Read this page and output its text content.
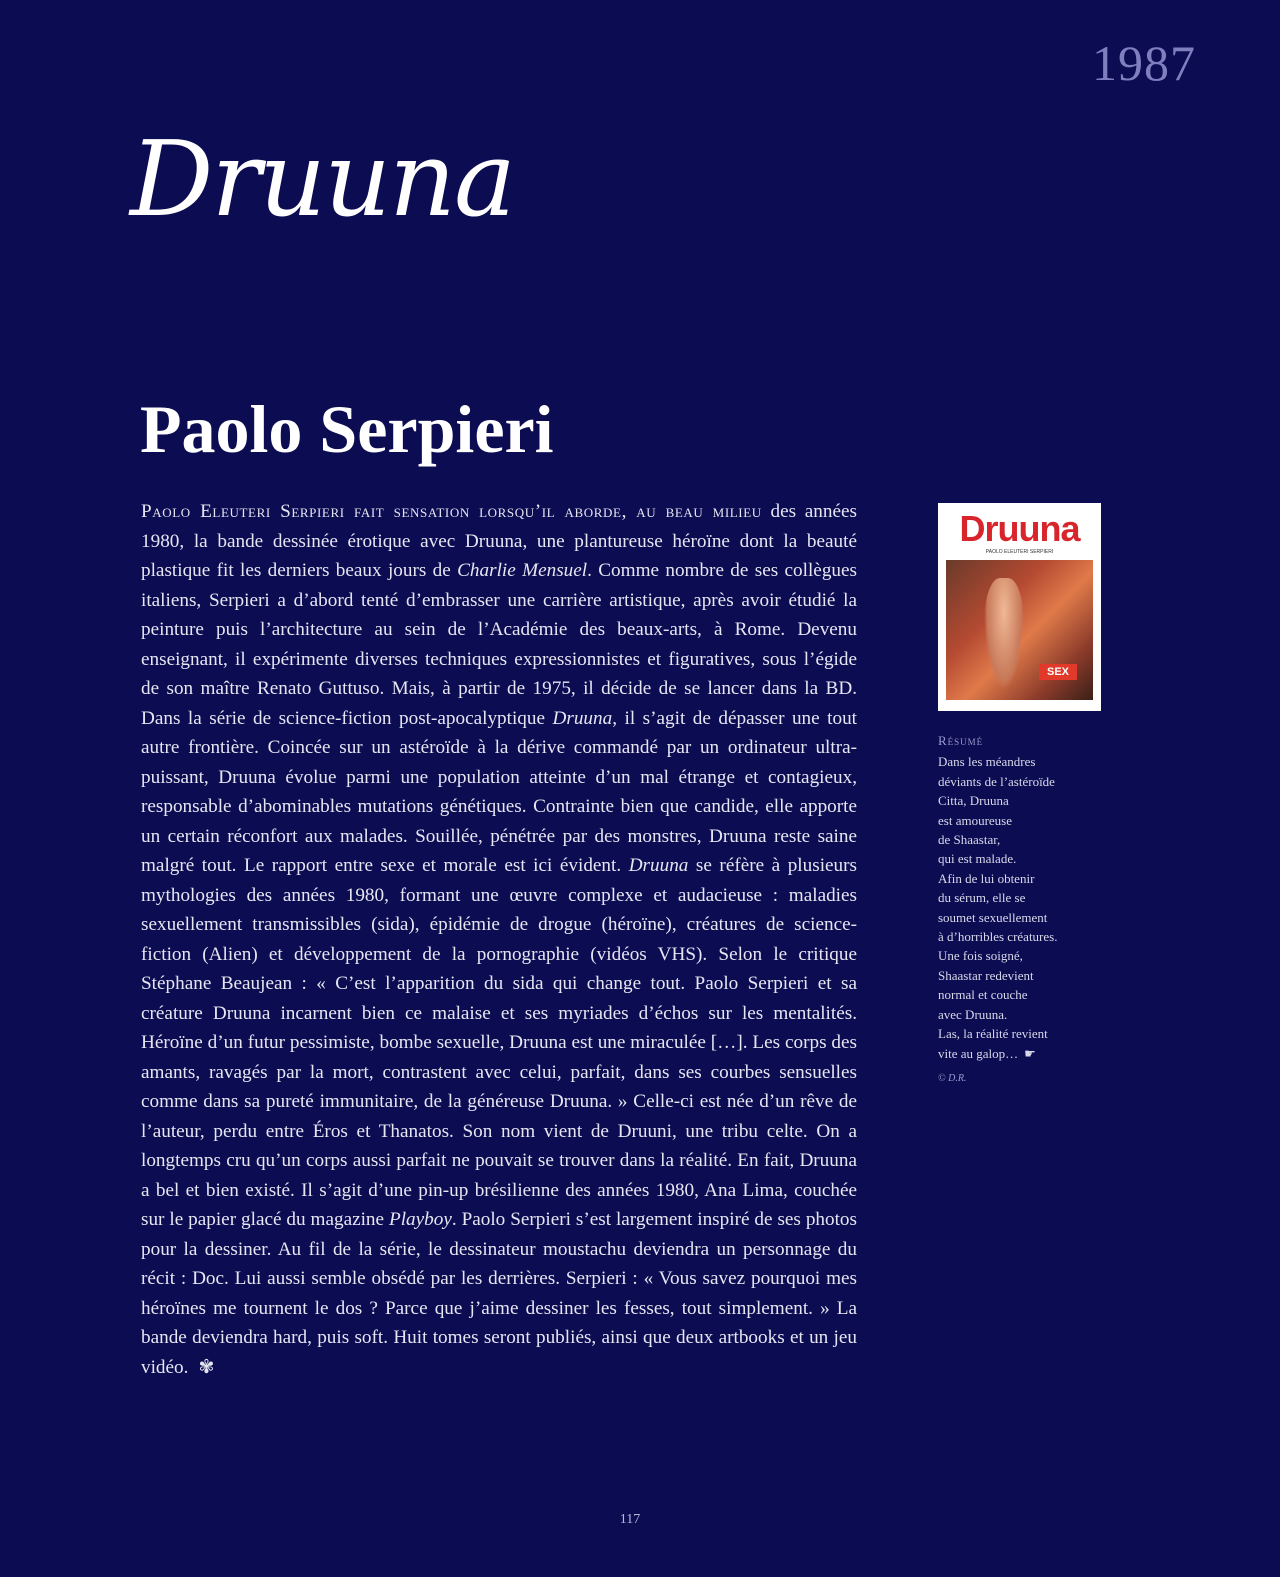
1987
Druuna
Paolo Serpieri
Paolo Eleuteri Serpieri fait sensation lorsqu’il aborde, au beau milieu des années 1980, la bande dessinée érotique avec Druuna, une plantureuse héroïne dont la beauté plastique fit les derniers beaux jours de Charlie Mensuel. Comme nombre de ses collègues italiens, Serpieri a d’abord tenté d’embrasser une carrière artistique, après avoir étudié la peinture puis l’architecture au sein de l’Académie des beaux-arts, à Rome. Devenu enseignant, il expérimente diverses techniques expressionnistes et figuratives, sous l’égide de son maître Renato Guttuso. Mais, à partir de 1975, il décide de se lancer dans la BD. Dans la série de science-fiction post-apocalyptique Druuna, il s’agit de dépasser une tout autre frontière. Coincée sur un astéroïde à la dérive commandé par un ordinateur ultra-puissant, Druuna évolue parmi une population atteinte d’un mal étrange et contagieux, responsable d’abominables mutations génétiques. Contrainte bien que candide, elle apporte un certain réconfort aux malades. Souillée, pénétrée par des monstres, Druuna reste saine malgré tout. Le rapport entre sexe et morale est ici évident. Druuna se réfère à plusieurs mythologies des années 1980, formant une œuvre complexe et audacieuse : maladies sexuellement transmissibles (sida), épidémie de drogue (héroïne), créatures de science-fiction (Alien) et développement de la pornographie (vidéos VHS). Selon le critique Stéphane Beaujean : « C’est l’apparition du sida qui change tout. Paolo Serpieri et sa créature Druuna incarnent bien ce malaise et ses myriades d’échos sur les mentalités. Héroïne d’un futur pessimiste, bombe sexuelle, Druuna est une miraculée […]. Les corps des amants, ravagés par la mort, contrastent avec celui, parfait, dans ses courbes sensuelles comme dans sa pureté immunitaire, de la généreuse Druuna. » Celle-ci est née d’un rêve de l’auteur, perdu entre Éros et Thanatos. Son nom vient de Druuni, une tribu celte. On a longtemps cru qu’un corps aussi parfait ne pouvait se trouver dans la réalité. En fait, Druuna a bel et bien existé. Il s’agit d’une pin-up brésilienne des années 1980, Ana Lima, couchée sur le papier glacé du magazine Playboy. Paolo Serpieri s’est largement inspiré de ses photos pour la dessiner. Au fil de la série, le dessinateur moustachu deviendra un personnage du récit : Doc. Lui aussi semble obsédé par les derrières. Serpieri : « Vous savez pourquoi mes héroïnes me tournent le dos ? Parce que j’aime dessiner les fesses, tout simplement. » La bande deviendra hard, puis soft. Huit tomes seront publiés, ainsi que deux artbooks et un jeu vidéo. ✾
Druuna
PAOLO ELEUTERI SERPIERI
SEX
Résumé
Dans les méandres
déviants de l’astéroïde
Citta, Druuna
est amoureuse
de Shaastar,
qui est malade.
Afin de lui obtenir
du sérum, elle se
soumet sexuellement
à d’horribles créatures.
Une fois soigné,
Shaastar redevient
normal et couche
avec Druuna.
Las, la réalité revient
vite au galop… ☛
© D.R.
117
